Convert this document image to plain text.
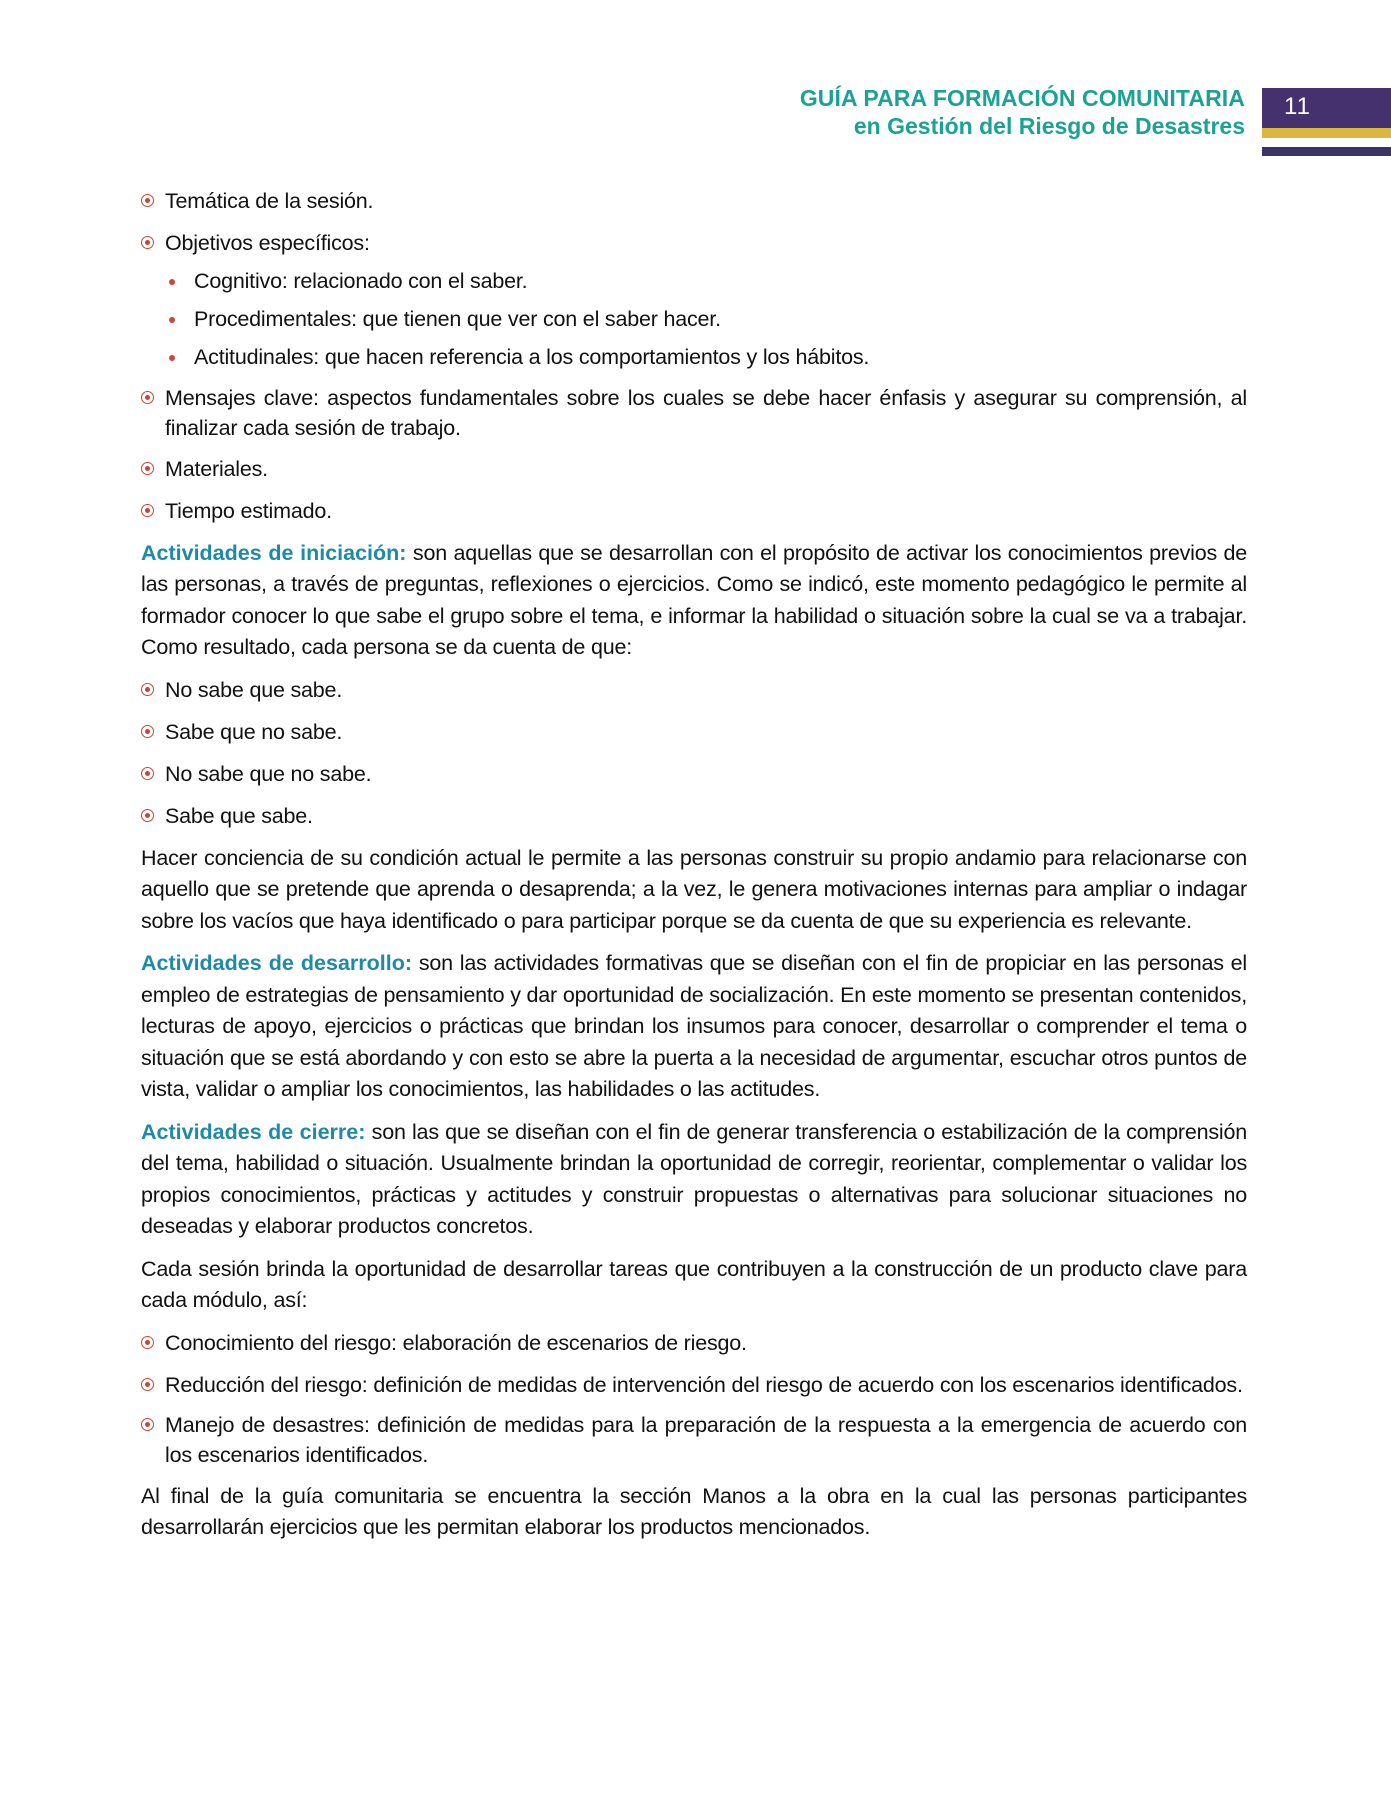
GUÍA PARA FORMACIÓN COMUNITARIA
en Gestión del Riesgo de Desastres
11
Temática de la sesión.
Objetivos específicos:
Cognitivo: relacionado con el saber.
Procedimentales: que tienen que ver con el saber hacer.
Actitudinales: que hacen referencia a los comportamientos y los hábitos.
Mensajes clave: aspectos fundamentales sobre los cuales se debe hacer énfasis y asegurar su comprensión, al finalizar cada sesión de trabajo.
Materiales.
Tiempo estimado.

Actividades de iniciación: son aquellas que se desarrollan con el propósito de activar los conocimientos previos de las personas, a través de preguntas, reflexiones o ejercicios. Como se indicó, este momento pedagógico le permite al formador conocer lo que sabe el grupo sobre el tema, e informar la habilidad o situación sobre la cual se va a trabajar. Como resultado, cada persona se da cuenta de que:

No sabe que sabe.
Sabe que no sabe.
No sabe que no sabe.
Sabe que sabe.

Hacer conciencia de su condición actual le permite a las personas construir su propio andamio para relacionarse con aquello que se pretende que aprenda o desaprenda; a la vez, le genera motivaciones internas para ampliar o indagar sobre los vacíos que haya identificado o para participar porque se da cuenta de que su experiencia es relevante.

Actividades de desarrollo: son las actividades formativas que se diseñan con el fin de propiciar en las personas el empleo de estrategias de pensamiento y dar oportunidad de socialización. En este momento se presentan contenidos, lecturas de apoyo, ejercicios o prácticas que brindan los insumos para conocer, desarrollar o comprender el tema o situación que se está abordando y con esto se abre la puerta a la necesidad de argumentar, escuchar otros puntos de vista, validar o ampliar los conocimientos, las habilidades o las actitudes.

Actividades de cierre: son las que se diseñan con el fin de generar transferencia o estabilización de la comprensión del tema, habilidad o situación. Usualmente brindan la oportunidad de corregir, reorientar, complementar o validar los propios conocimientos, prácticas y actitudes y construir propuestas o alternativas para solucionar situaciones no deseadas y elaborar productos concretos.

Cada sesión brinda la oportunidad de desarrollar tareas que contribuyen a la construcción de un producto clave para cada módulo, así:

Conocimiento del riesgo: elaboración de escenarios de riesgo.
Reducción del riesgo: definición de medidas de intervención del riesgo de acuerdo con los escenarios identificados.
Manejo de desastres: definición de medidas para la preparación de la respuesta a la emergencia de acuerdo con los escenarios identificados.

Al final de la guía comunitaria se encuentra la sección Manos a la obra en la cual las personas participantes desarrollarán ejercicios que les permitan elaborar los productos mencionados.
